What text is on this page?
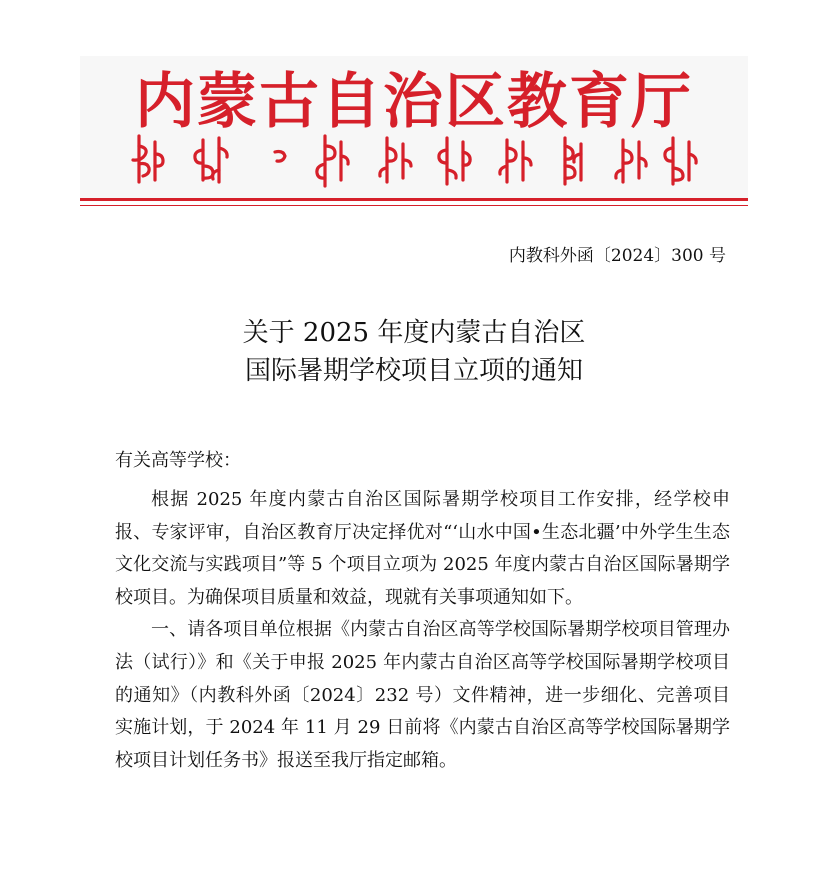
内蒙古自治区教育厅
内教科外函〔2024〕300 号
关于 2025 年度内蒙古自治区
国际暑期学校项目立项的通知
有关高等学校：

根据 2025 年度内蒙古自治区国际暑期学校项目工作安排，经学校申报、专家评审，自治区教育厅决定择优对“‘山水中国•生态北疆’中外学生生态文化交流与实践项目”等 5 个项目立项为 2025 年度内蒙古自治区国际暑期学校项目。为确保项目质量和效益，现就有关事项通知如下。

一、请各项目单位根据《内蒙古自治区高等学校国际暑期学校项目管理办法（试行）》和《关于申报 2025 年内蒙古自治区高等学校国际暑期学校项目的通知》（内教科外函〔2024〕232 号）文件精神，进一步细化、完善项目实施计划，于 2024 年 11 月 29 日前将《内蒙古自治区高等学校国际暑期学校项目计划任务书》报送至我厅指定邮箱。
